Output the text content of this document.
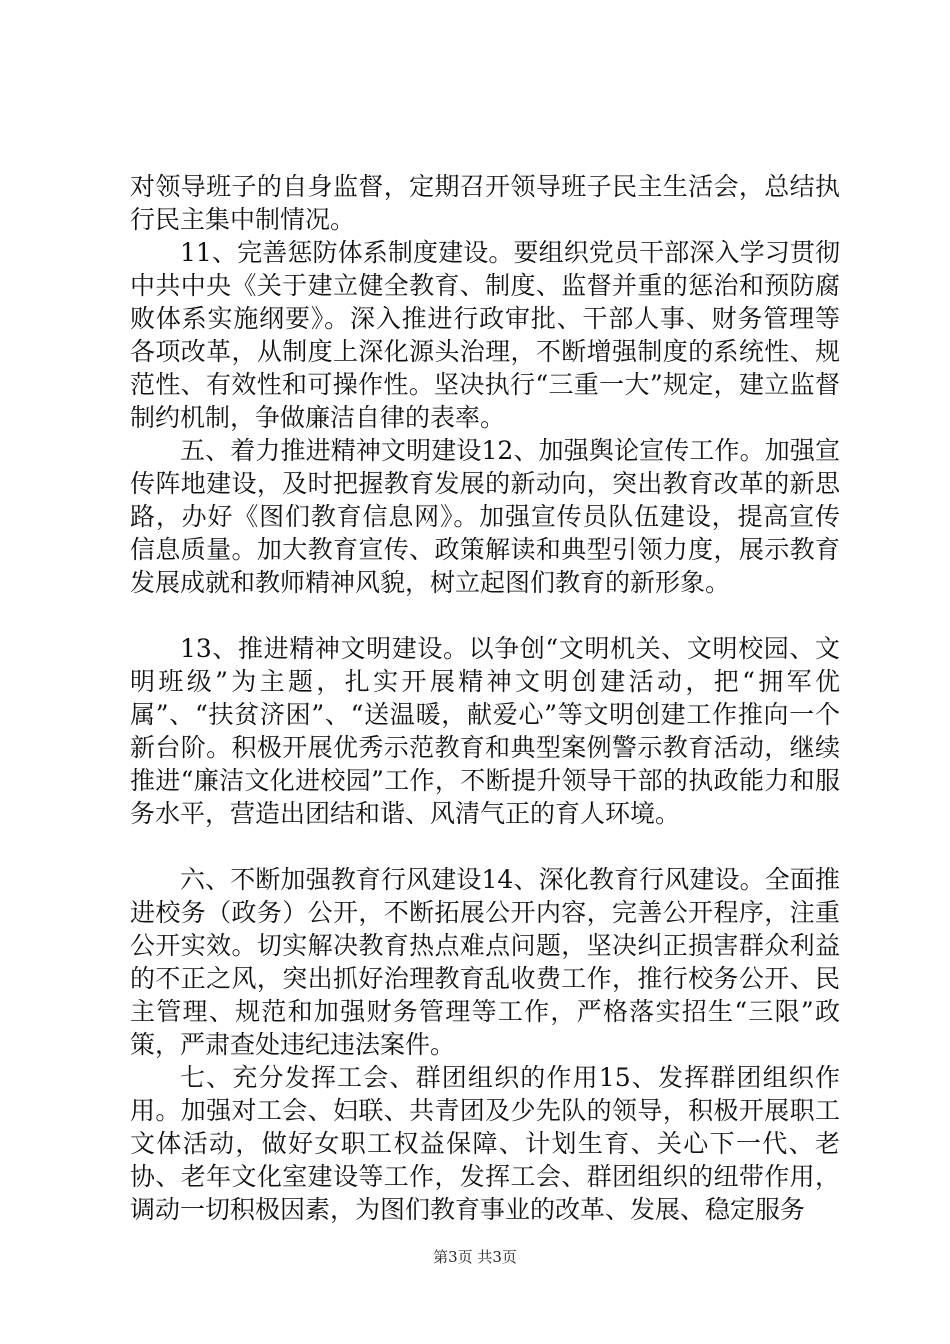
对领导班子的自身监督，定期召开领导班子民主生活会，总结执行民主集中制情况。

11、完善惩防体系制度建设。要组织党员干部深入学习贯彻中共中央《关于建立健全教育、制度、监督并重的惩治和预防腐败体系实施纲要》。深入推进行政审批、干部人事、财务管理等各项改革，从制度上深化源头治理，不断增强制度的系统性、规范性、有效性和可操作性。坚决执行“三重一大”规定，建立监督制约机制，争做廉洁自律的表率。

五、着力推进精神文明建设12、加强舆论宣传工作。加强宣传阵地建设，及时把握教育发展的新动向，突出教育改革的新思路，办好《图们教育信息网》。加强宣传员队伍建设，提高宣传信息质量。加大教育宣传、政策解读和典型引领力度，展示教育发展成就和教师精神风貌，树立起图们教育的新形象。

13、推进精神文明建设。以争创“文明机关、文明校园、文明班级”为主题，扎实开展精神文明创建活动，把“拥军优属”、“扶贫济困”、“送温暖，献爱心”等文明创建工作推向一个新台阶。积极开展优秀示范教育和典型案例警示教育活动，继续推进“廉洁文化进校园”工作，不断提升领导干部的执政能力和服务水平，营造出团结和谐、风清气正的育人环境。

六、不断加强教育行风建设14、深化教育行风建设。全面推进校务（政务）公开，不断拓展公开内容，完善公开程序，注重公开实效。切实解决教育热点难点问题，坚决纠正损害群众利益的不正之风，突出抓好治理教育乱收费工作，推行校务公开、民主管理、规范和加强财务管理等工作，严格落实招生“三限”政策，严肃查处违纪违法案件。

七、充分发挥工会、群团组织的作用15、发挥群团组织作用。加强对工会、妇联、共青团及少先队的领导，积极开展职工文体活动，做好女职工权益保障、计划生育、关心下一代、老协、老年文化室建设等工作，发挥工会、群团组织的纽带作用，调动一切积极因素，为图们教育事业的改革、发展、稳定服务

第3页 共3页
